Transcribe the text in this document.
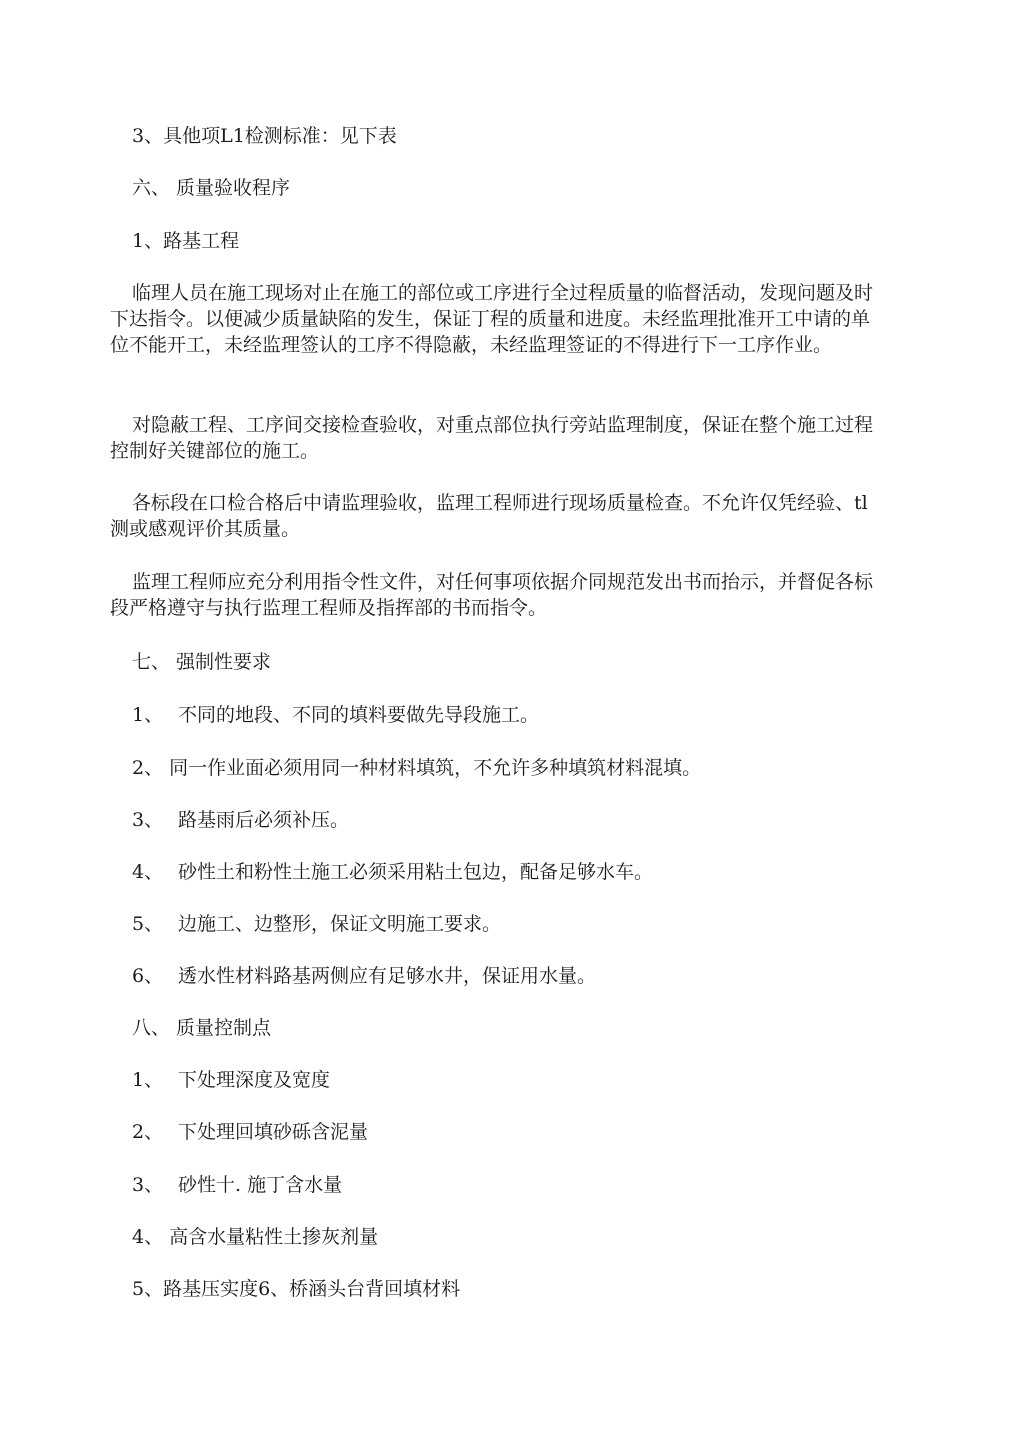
3、具他项L1检测标准：见下表

六、 质量验收程序

1、路基工程

临理人员在施工现场对止在施工的部位或工序进行全过程质量的临督活动，发现问题及时下达指令。以便减少质量缺陷的发生，保证丁程的质量和进度。未经监理批准开工中请的单位不能开工，未经监理签认的工序不得隐蔽，未经监理签证的不得进行下一工序作业。

对隐蔽工程、工序间交接检查验收，对重点部位执行旁站监理制度，保证在整个施工过程控制好关键部位的施工。

各标段在口检合格后中请监理验收，监理工程师进行现场质量检查。不允许仅凭经验、tl测或感观评价其质量。

监理工程师应充分利用指令性文件，对任何事项依据介同规范发出书而抬示，并督促各标段严格遵守与执行监理工程师及指挥部的书而指令。

七、 强制性要求

1、 不同的地段、不同的填料要做先导段施工。

2、 同一作业面必须用同一种材料填筑，不允许多种填筑材料混填。

3、 路基雨后必须补压。

4、 砂性土和粉性土施工必须采用粘土包边，配备足够水车。

5、 边施工、边整形，保证文明施工要求。

6、 透水性材料路基两侧应有足够水井，保证用水量。

八、 质量控制点

1、 下处理深度及宽度

2、 下处理回填砂砾含泥量

3、 砂性十. 施丁含水量

4、 高含水量粘性土掺灰剂量

5、路基压实度6、桥涵头台背回填材料
